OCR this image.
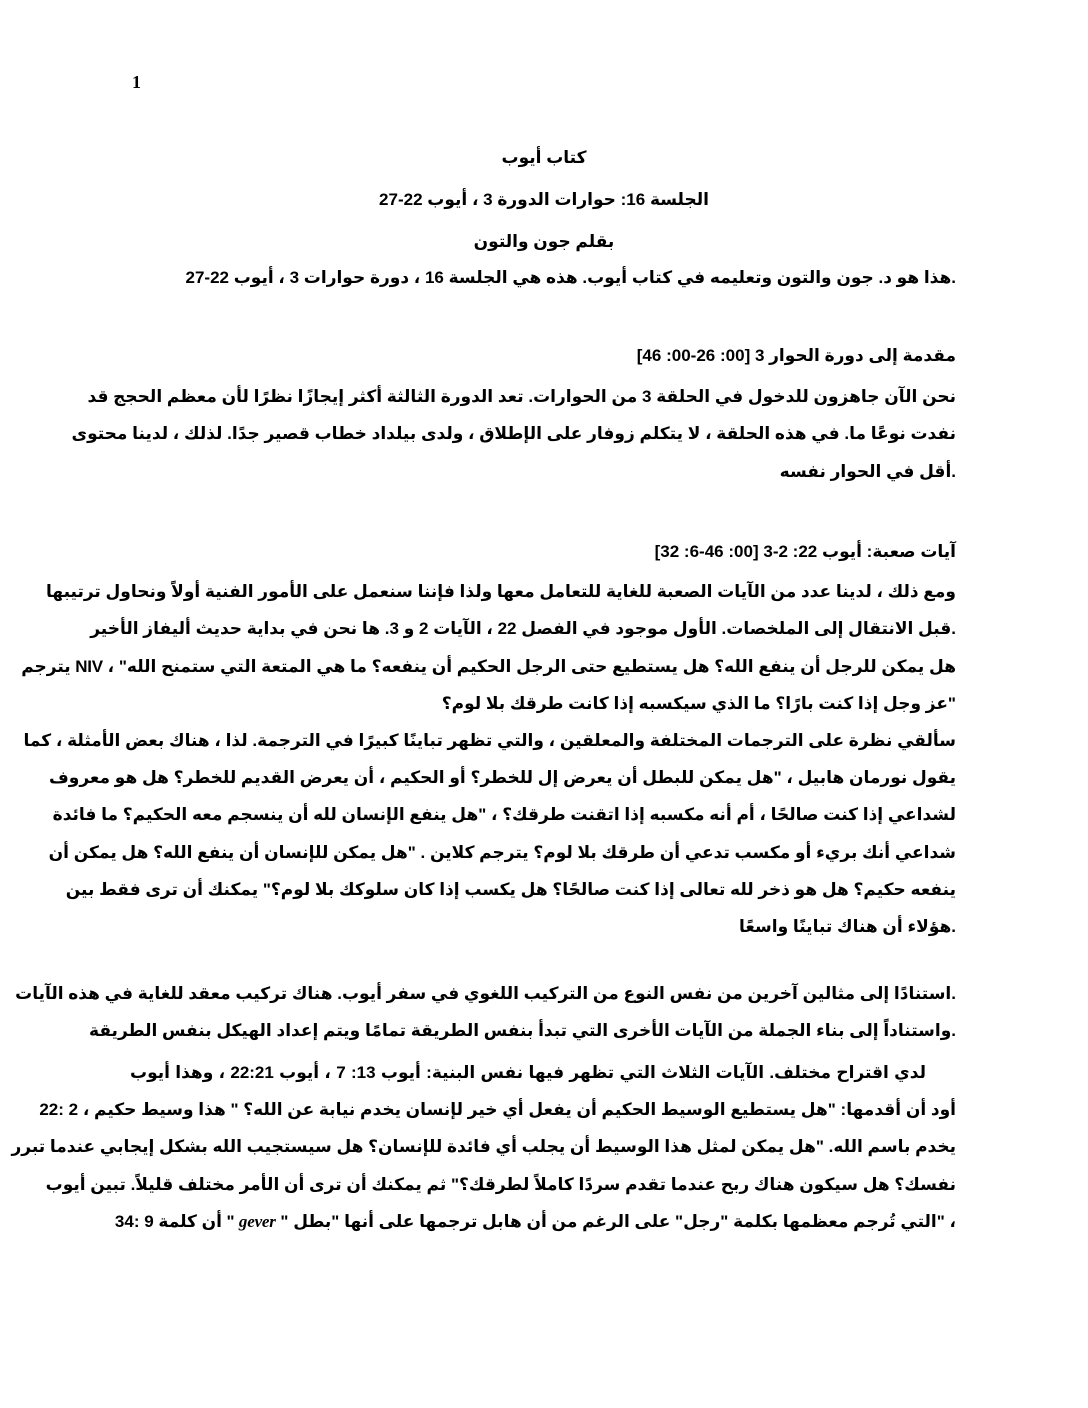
1
كتاب أيوب
الجلسة 16: حوارات الدورة 3 ، أيوب 22-27
بقلم جون والتون
.هذا هو د. جون والتون وتعليمه في كتاب أيوب. هذه هي الجلسة 16 ، دورة حوارات 3 ، أيوب 22-27
مقدمة إلى دورة الحوار 3 [00: 26-00: 46]
نحن الآن جاهزون للدخول في الحلقة 3 من الحوارات. تعد الدورة الثالثة أكثر إيجازًا نظرًا لأن معظم الحجج قد
نفدت نوعًا ما. في هذه الحلقة ، لا يتكلم زوفار على الإطلاق ، ولدى بيلداد خطاب قصير جدًا. لذلك ، لدينا محتوى
.أقل في الحوار نفسه
آيات صعبة: أيوب 22: 2-3 [00: 46-6: 32]
ومع ذلك ، لدينا عدد من الآيات الصعبة للغاية للتعامل معها ولذا فإننا سنعمل على الأمور الفنية أولاً ونحاول ترتيبها
.قبل الانتقال إلى الملخصات. الأول موجود في الفصل 22 ، الآيات 2 و 3. ها نحن في بداية حديث أليفاز الأخير
هل يمكن للرجل أن ينفع الله؟ هل يستطيع حتى الرجل الحكيم أن ينفعه؟ ما هي المتعة التي ستمنح الله" ، NIV يترجم
"عز وجل إذا كنت بارًا؟ ما الذي سيكسبه إذا كانت طرقك بلا لوم؟
سألقي نظرة على الترجمات المختلفة والمعلقين ، والتي تظهر تباينًا كبيرًا في الترجمة. لذا ، هناك بعض الأمثلة ، كما
يقول نورمان هابيل ، "هل يمكن للبطل أن يعرض إل للخطر؟ أو الحكيم ، أن يعرض القديم للخطر؟ هل هو معروف
لشداعي إذا كنت صالحًا ، أم أنه مكسبه إذا اتقنت طرقك؟ ، "هل ينفع الإنسان لله أن ينسجم معه الحكيم؟ ما فائدة
شداعي أنك بريء أو مكسب تدعي أن طرقك بلا لوم؟ يترجم كلاين . "هل يمكن للإنسان أن ينفع الله؟ هل يمكن أن
ينفعه حكيم؟ هل هو ذخر لله تعالى إذا كنت صالحًا؟ هل يكسب إذا كان سلوكك بلا لوم؟" يمكنك أن ترى فقط بين
.هؤلاء أن هناك تباينًا واسعًا
.استنادًا إلى مثالين آخرين من نفس النوع من التركيب اللغوي في سفر أيوب. هناك تركيب معقد للغاية في هذه الآيات
.واستناداً إلى بناء الجملة من الآيات الأخرى التي تبدأ بنفس الطريقة تمامًا ويتم إعداد الهيكل بنفس الطريقة
لدي اقتراح مختلف. الآيات الثلاث التي تظهر فيها نفس البنية: أيوب 13: 7 ، أيوب 22:21 ، وهذا أيوب
أود أن أقدمها: "هل يستطيع الوسيط الحكيم أن يفعل أي خير لإنسان يخدم نيابة عن الله؟ " هذا وسيط حكيم ، 2 :22
يخدم باسم الله. "هل يمكن لمثل هذا الوسيط أن يجلب أي فائدة للإنسان؟ هل سيستجيب الله بشكل إيجابي عندما تبرر
نفسك؟ هل سيكون هناك ربح عندما تقدم سردًا كاملاً لطرقك؟" ثم يمكنك أن ترى أن الأمر مختلف قليلاً. تبين أيوب
، "التي تُرجم معظمها بكلمة "رجل" على الرغم من أن هابل ترجمها على أنها "بطل " gever " أن كلمة 9 :34
